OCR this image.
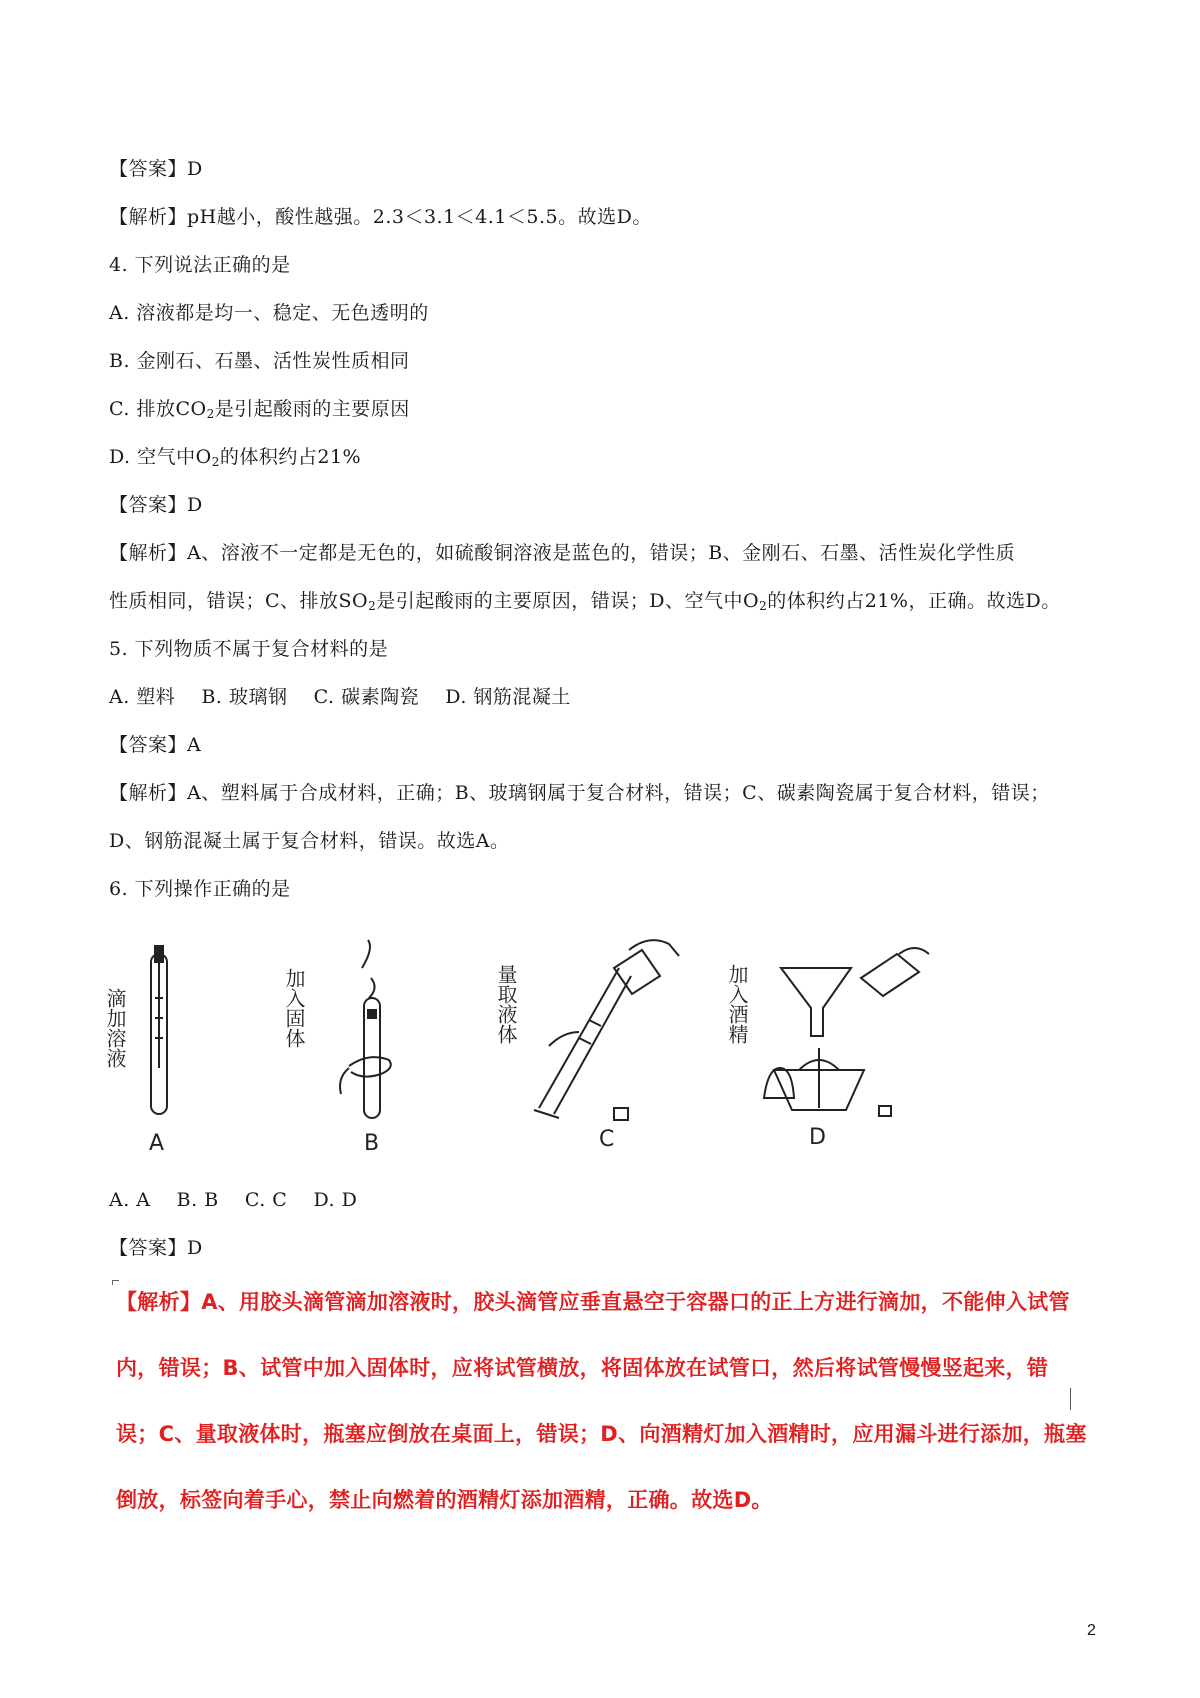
【答案】D
【解析】pH越小，酸性越强。2.3＜3.1＜4.1＜5.5。故选D。
4. 下列说法正确的是
A. 溶液都是均一、稳定、无色透明的
B. 金刚石、石墨、活性炭性质相同
C. 排放$CO_2$是引起酸雨的主要原因
D. 空气中$O_2$的体积约占21%
【答案】D
【解析】A、溶液不一定都是无色的，如硫酸铜溶液是蓝色的，错误；B、金刚石、石墨、活性炭化学性质
性质相同，错误；C、排放$SO_2$是引起酸雨的主要原因，错误；D、空气中$O_2$的体积约占21%，正确。故选D。
5. 下列物质不属于复合材料的是
A. 塑料    B. 玻璃钢    C. 碳素陶瓷    D. 钢筋混凝土
【答案】A
【解析】A、塑料属于合成材料，正确；B、玻璃钢属于复合材料，错误；C、碳素陶瓷属于复合材料，错误；
D、钢筋混凝土属于复合材料，错误。故选A。
6. 下列操作正确的是
滴加溶液	加入固体	量取液体	加入酒精
A	B	C	D
A. A    B. B    C. C    D. D
【答案】D
【解析】A、用胶头滴管滴加溶液时，胶头滴管应垂直悬空于容器口的正上方进行滴加，不能伸入试管
内，错误；B、试管中加入固体时，应将试管横放，将固体放在试管口，然后将试管慢慢竖起来，错
误；C、量取液体时，瓶塞应倒放在桌面上，错误；D、向酒精灯加入酒精时，应用漏斗进行添加，瓶塞
倒放，标签向着手心，禁止向燃着的酒精灯添加酒精，正确。故选D。
2
